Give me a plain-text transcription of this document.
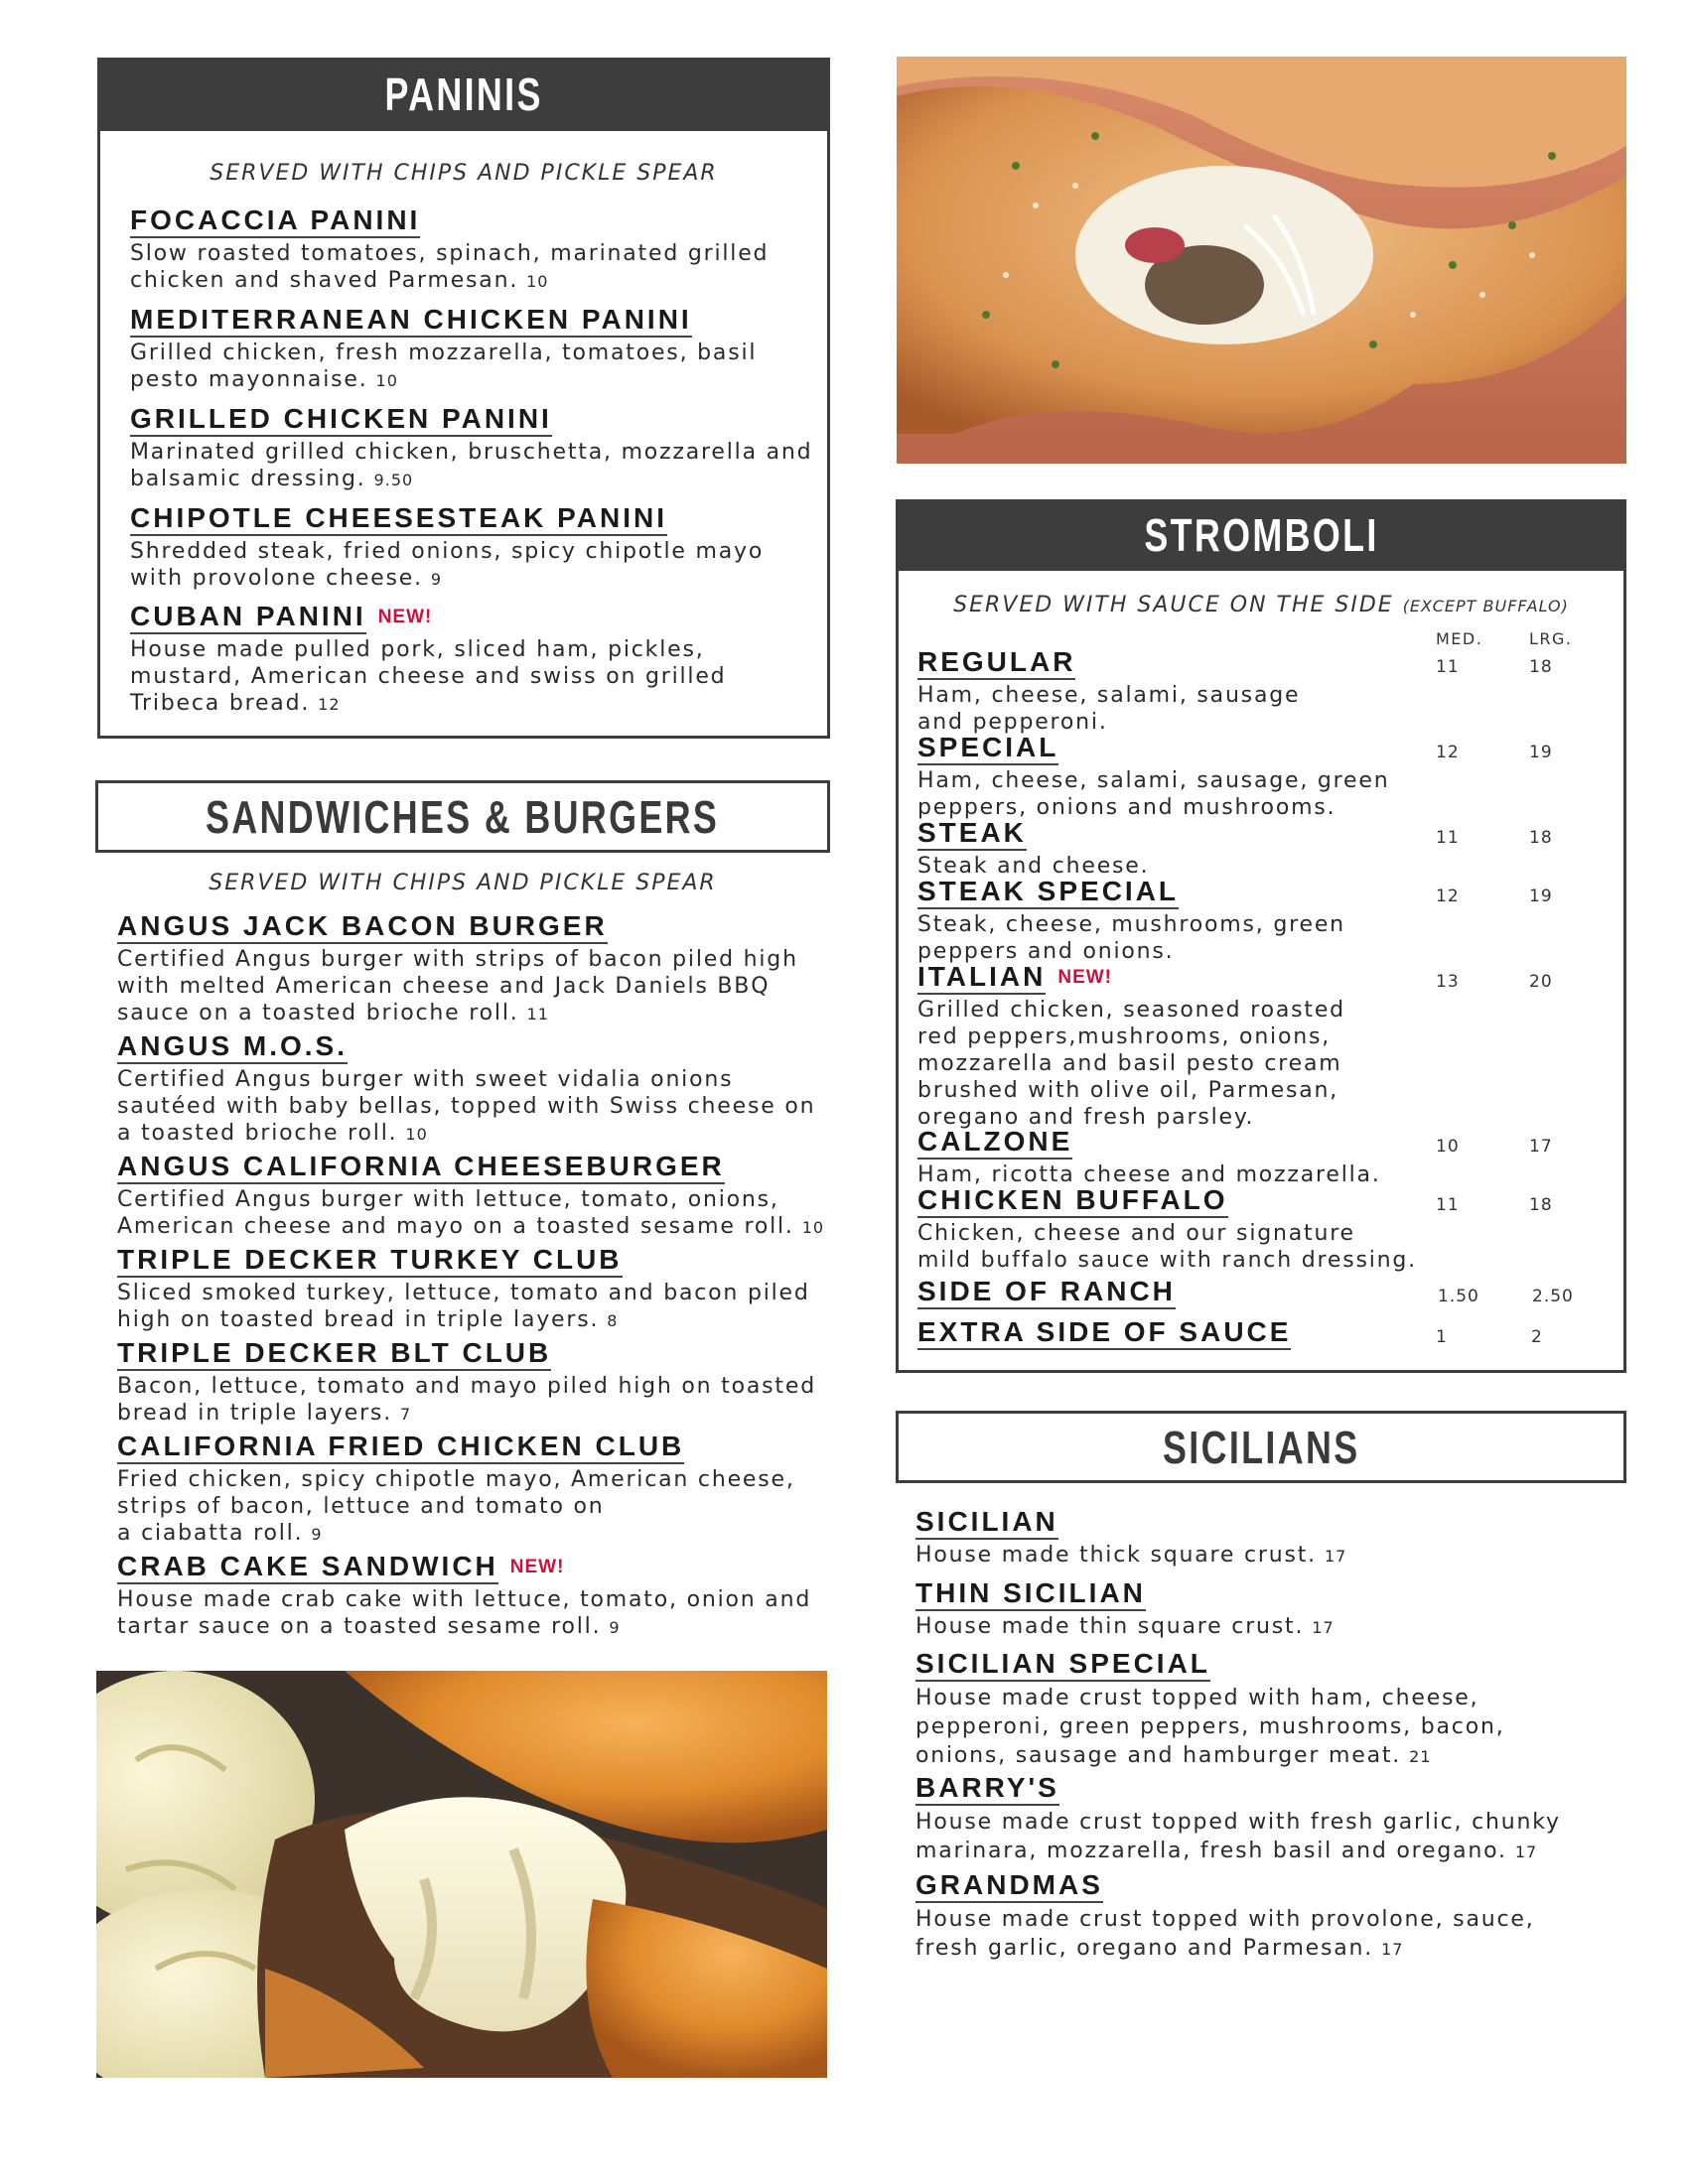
PANINIS
SERVED WITH CHIPS AND PICKLE SPEAR
FOCACCIA PANINI
Slow roasted tomatoes, spinach, marinated grilled
chicken and shaved Parmesan. 10
MEDITERRANEAN CHICKEN PANINI
Grilled chicken, fresh mozzarella, tomatoes, basil
pesto mayonnaise. 10
GRILLED CHICKEN PANINI
Marinated grilled chicken, bruschetta, mozzarella and
balsamic dressing. 9.50
CHIPOTLE CHEESESTEAK PANINI
Shredded steak, fried onions, spicy chipotle mayo
with provolone cheese. 9
CUBAN PANINI NEW!
House made pulled pork, sliced ham, pickles,
mustard, American cheese and swiss on grilled
Tribeca bread. 12
SANDWICHES & BURGERS
SERVED WITH CHIPS AND PICKLE SPEAR
ANGUS JACK BACON BURGER
Certified Angus burger with strips of bacon piled high
with melted American cheese and Jack Daniels BBQ
sauce on a toasted brioche roll. 11
ANGUS M.O.S.
Certified Angus burger with sweet vidalia onions
sautéed with baby bellas, topped with Swiss cheese on
a toasted brioche roll. 10
ANGUS CALIFORNIA CHEESEBURGER
Certified Angus burger with lettuce, tomato, onions,
American cheese and mayo on a toasted sesame roll. 10
TRIPLE DECKER TURKEY CLUB
Sliced smoked turkey, lettuce, tomato and bacon piled
high on toasted bread in triple layers. 8
TRIPLE DECKER BLT CLUB
Bacon, lettuce, tomato and mayo piled high on toasted
bread in triple layers. 7
CALIFORNIA FRIED CHICKEN CLUB
Fried chicken, spicy chipotle mayo, American cheese,
strips of bacon, lettuce and tomato on
a ciabatta roll. 9
CRAB CAKE SANDWICH NEW!
House made crab cake with lettuce, tomato, onion and
tartar sauce on a toasted sesame roll. 9
STROMBOLI
SERVED WITH SAUCE ON THE SIDE (EXCEPT BUFFALO)
MED.	LRG.
REGULAR
Ham, cheese, salami, sausage
and pepperoni.
11	18
SPECIAL
Ham, cheese, salami, sausage, green
peppers, onions and mushrooms.
12	19
STEAK
Steak and cheese.
11	18
STEAK SPECIAL
Steak, cheese, mushrooms, green
peppers and onions.
12	19
ITALIAN NEW!
Grilled chicken, seasoned roasted
red peppers,mushrooms, onions,
mozzarella and basil pesto cream
brushed with olive oil, Parmesan,
oregano and fresh parsley.
13	20
CALZONE
Ham, ricotta cheese and mozzarella.
10	17
CHICKEN BUFFALO
Chicken, cheese and our signature
mild buffalo sauce with ranch dressing.
11	18
SIDE OF RANCH	1.50	2.50
EXTRA SIDE OF SAUCE	1	2
SICILIANS
SICILIAN
House made thick square crust. 17
THIN SICILIAN
House made thin square crust. 17
SICILIAN SPECIAL
House made crust topped with ham, cheese,
pepperoni, green peppers, mushrooms, bacon,
onions, sausage and hamburger meat. 21
BARRY'S
House made crust topped with fresh garlic, chunky
marinara, mozzarella, fresh basil and oregano. 17
GRANDMAS
House made crust topped with provolone, sauce,
fresh garlic, oregano and Parmesan. 17
